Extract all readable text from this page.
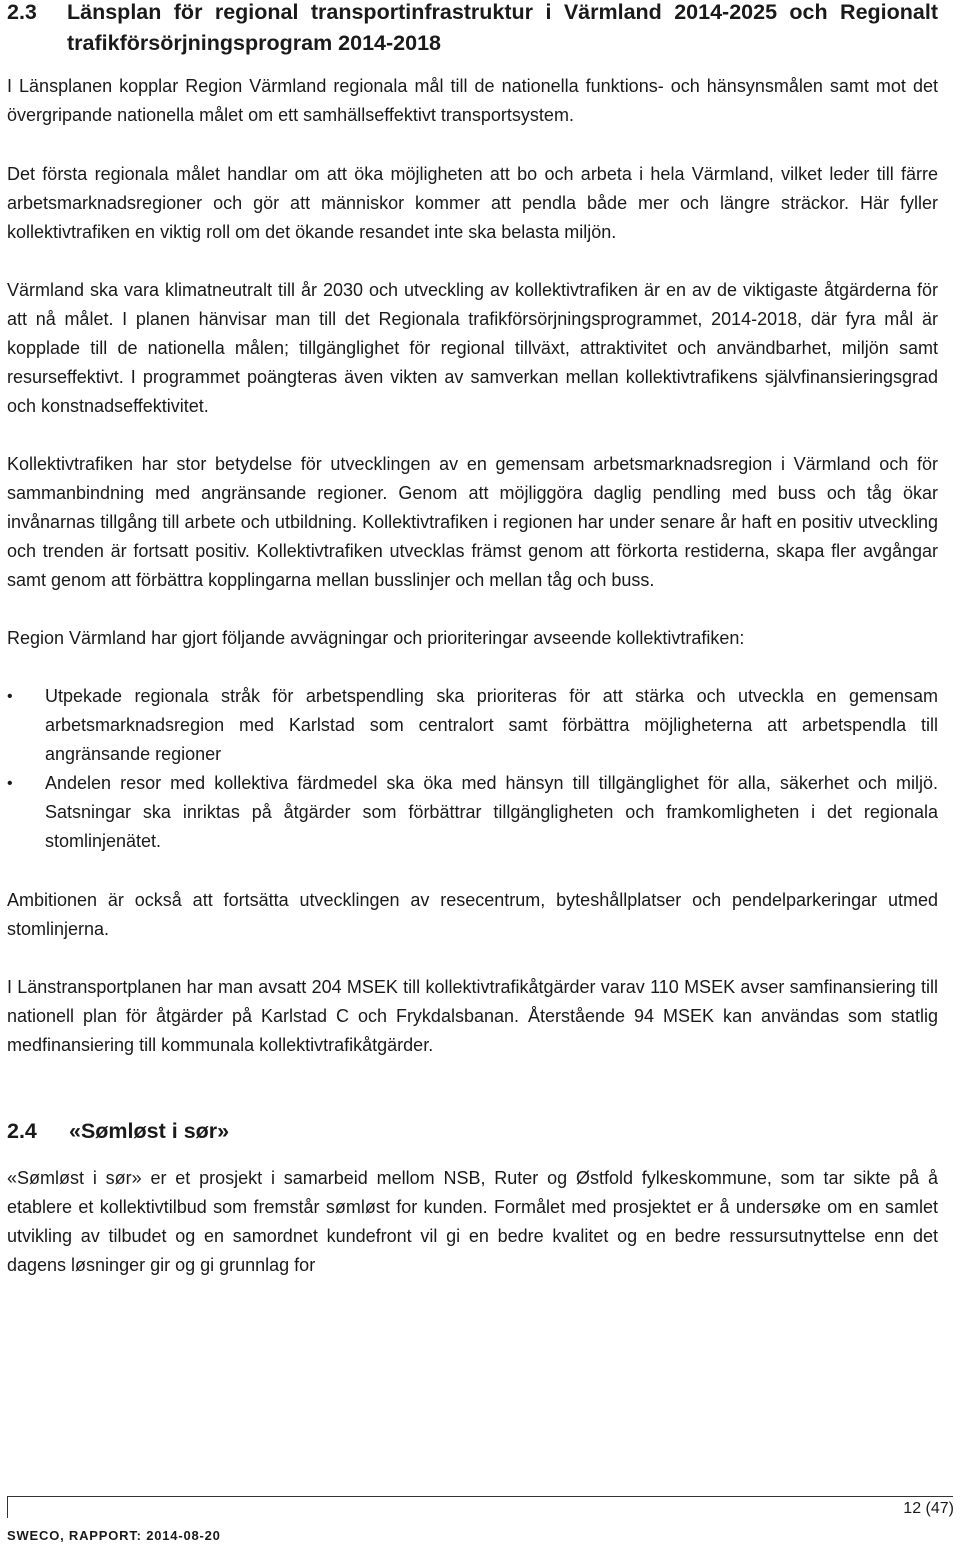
2.3	Länsplan för regional transportinfrastruktur i Värmland 2014-2025 och Regionalt trafikförsörjningsprogram 2014-2018

I Länsplanen kopplar Region Värmland regionala mål till de nationella funktions- och hänsynsmålen samt mot det övergripande nationella målet om ett samhällseffektivt transportsystem.

Det första regionala målet handlar om att öka möjligheten att bo och arbeta i hela Värmland, vilket leder till färre arbetsmarknadsregioner och gör att människor kommer att pendla både mer och längre sträckor. Här fyller kollektivtrafiken en viktig roll om det ökande resandet inte ska belasta miljön.

Värmland ska vara klimatneutralt till år 2030 och utveckling av kollektivtrafiken är en av de viktigaste åtgärderna för att nå målet. I planen hänvisar man till det Regionala trafikförsörjningsprogrammet, 2014-2018, där fyra mål är kopplade till de nationella målen; tillgänglighet för regional tillväxt, attraktivitet och användbarhet, miljön samt resurseffektivt. I programmet poängteras även vikten av samverkan mellan kollektivtrafikens självfinansieringsgrad och konstnadseffektivitet.

Kollektivtrafiken har stor betydelse för utvecklingen av en gemensam arbetsmarknadsregion i Värmland och för sammanbindning med angränsande regioner. Genom att möjliggöra daglig pendling med buss och tåg ökar invånarnas tillgång till arbete och utbildning. Kollektivtrafiken i regionen har under senare år haft en positiv utveckling och trenden är fortsatt positiv. Kollektivtrafiken utvecklas främst genom att förkorta restiderna, skapa fler avgångar samt genom att förbättra kopplingarna mellan busslinjer och mellan tåg och buss.

Region Värmland har gjort följande avvägningar och prioriteringar avseende kollektivtrafiken:

•	Utpekade regionala stråk för arbetspendling ska prioriteras för att stärka och utveckla en gemensam arbetsmarknadsregion med Karlstad som centralort samt förbättra möjligheterna att arbetspendla till angränsande regioner
•	Andelen resor med kollektiva färdmedel ska öka med hänsyn till tillgänglighet för alla, säkerhet och miljö. Satsningar ska inriktas på åtgärder som förbättrar tillgängligheten och framkomligheten i det regionala stomlinjenätet.

Ambitionen är också att fortsätta utvecklingen av resecentrum, byteshållplatser och pendelparkeringar utmed stomlinjerna.

I Länstransportplanen har man avsatt 204 MSEK till kollektivtrafikåtgärder varav 110 MSEK avser samfinansiering till nationell plan för åtgärder på Karlstad C och Frykdalsbanan. Återstående 94 MSEK kan användas som statlig medfinansiering till kommunala kollektivtrafikåtgärder.

2.4	«Sømløst i sør»

«Sømløst i sør» er et prosjekt i samarbeid mellom NSB, Ruter og Østfold fylkeskommune, som tar sikte på å etablere et kollektivtilbud som fremstår sømløst for kunden. Formålet med prosjektet er å undersøke om en samlet utvikling av tilbudet og en samordnet kundefront vil gi en bedre kvalitet og en bedre ressursutnyttelse enn det dagens løsninger gir og gi grunnlag for

12 (47)
SWECO, RAPPORT: 2014-08-20
